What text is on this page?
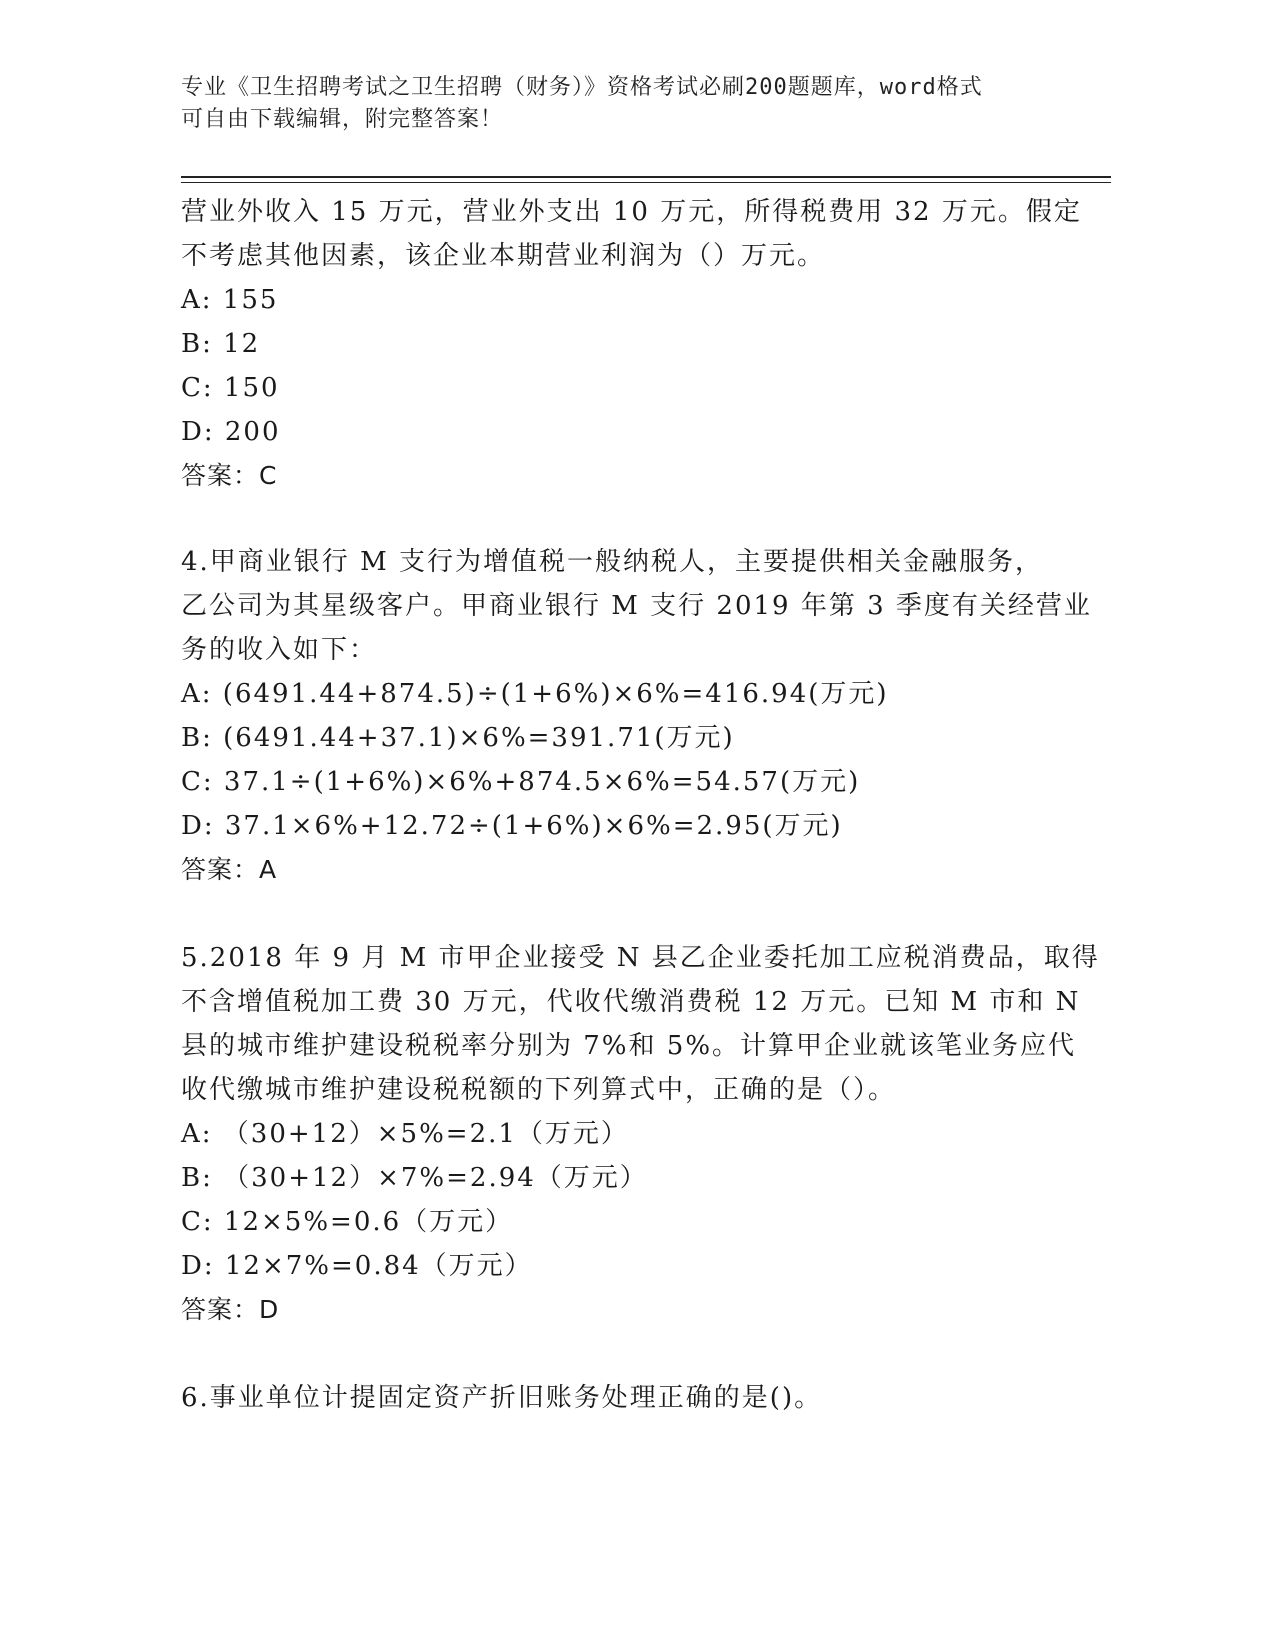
专业《卫生招聘考试之卫生招聘（财务）》资格考试必刷200题题库，word格式

可自由下载编辑，附完整答案！

营业外收入 15 万元，营业外支出 10 万元，所得税费用 32 万元。假定

不考虑其他因素，该企业本期营业利润为（）万元。

A: 155

B: 12

C: 150

D: 200

答案：C

4.甲商业银行 M 支行为增值税一般纳税人，主要提供相关金融服务，

乙公司为其星级客户。甲商业银行 M 支行 2019 年第 3 季度有关经营业

务的收入如下：

A: (6491.44+874.5)÷(1+6%)×6%=416.94(万元)

B: (6491.44+37.1)×6%=391.71(万元)

C: 37.1÷(1+6%)×6%+874.5×6%=54.57(万元)

D: 37.1×6%+12.72÷(1+6%)×6%=2.95(万元)

答案：A

5.2018 年 9 月 M 市甲企业接受 N 县乙企业委托加工应税消费品，取得

不含增值税加工费 30 万元，代收代缴消费税 12 万元。已知 M 市和 N

县的城市维护建设税税率分别为 7%和 5%。计算甲企业就该笔业务应代

收代缴城市维护建设税税额的下列算式中，正确的是（）。

A: （30+12）×5%=2.1（万元）

B: （30+12）×7%=2.94（万元）

C: 12×5%=0.6（万元）

D: 12×7%=0.84（万元）

答案：D

6.事业单位计提固定资产折旧账务处理正确的是()。
